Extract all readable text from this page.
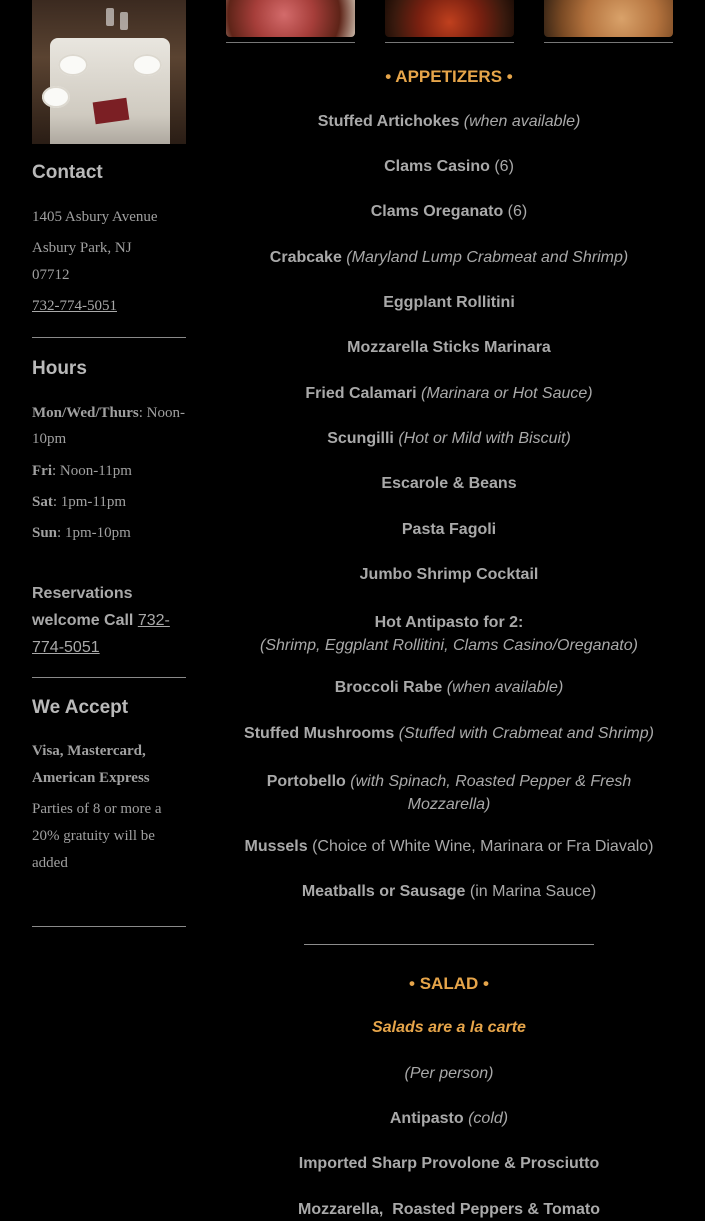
Contact
1405 Asbury Avenue
Asbury Park, NJ
07712
732-774-5051
Hours
Mon/Wed/Thurs: Noon-10pm
Fri: Noon-11pm
Sat: 1pm-11pm
Sun: 1pm-10pm
Reservations welcome Call 732-774-5051
We Accept
Visa, Mastercard, American Express
Parties of 8 or more a 20% gratuity will be added
• APPETIZERS •
Stuffed Artichokes (when available)
Clams Casino (6)
Clams Oreganato (6)
Crabcake (Maryland Lump Crabmeat and Shrimp)
Eggplant Rollitini
Mozzarella Sticks Marinara
Fried Calamari (Marinara or Hot Sauce)
Scungilli (Hot or Mild with Biscuit)
Escarole & Beans
Pasta Fagoli
Jumbo Shrimp Cocktail
Hot Antipasto for 2:
(Shrimp, Eggplant Rollitini, Clams Casino/Oreganato)
Broccoli Rabe (when available)
Stuffed Mushrooms (Stuffed with Crabmeat and Shrimp)
Portobello (with Spinach, Roasted Pepper & Fresh Mozzarella)
Mussels (Choice of White Wine, Marinara or Fra Diavalo)
Meatballs or Sausage (in Marina Sauce)
• SALAD •
Salads are a la carte
(Per person)
Antipasto (cold)
Imported Sharp Provolone & Prosciutto
Mozzarella,  Roasted Peppers & Tomato
